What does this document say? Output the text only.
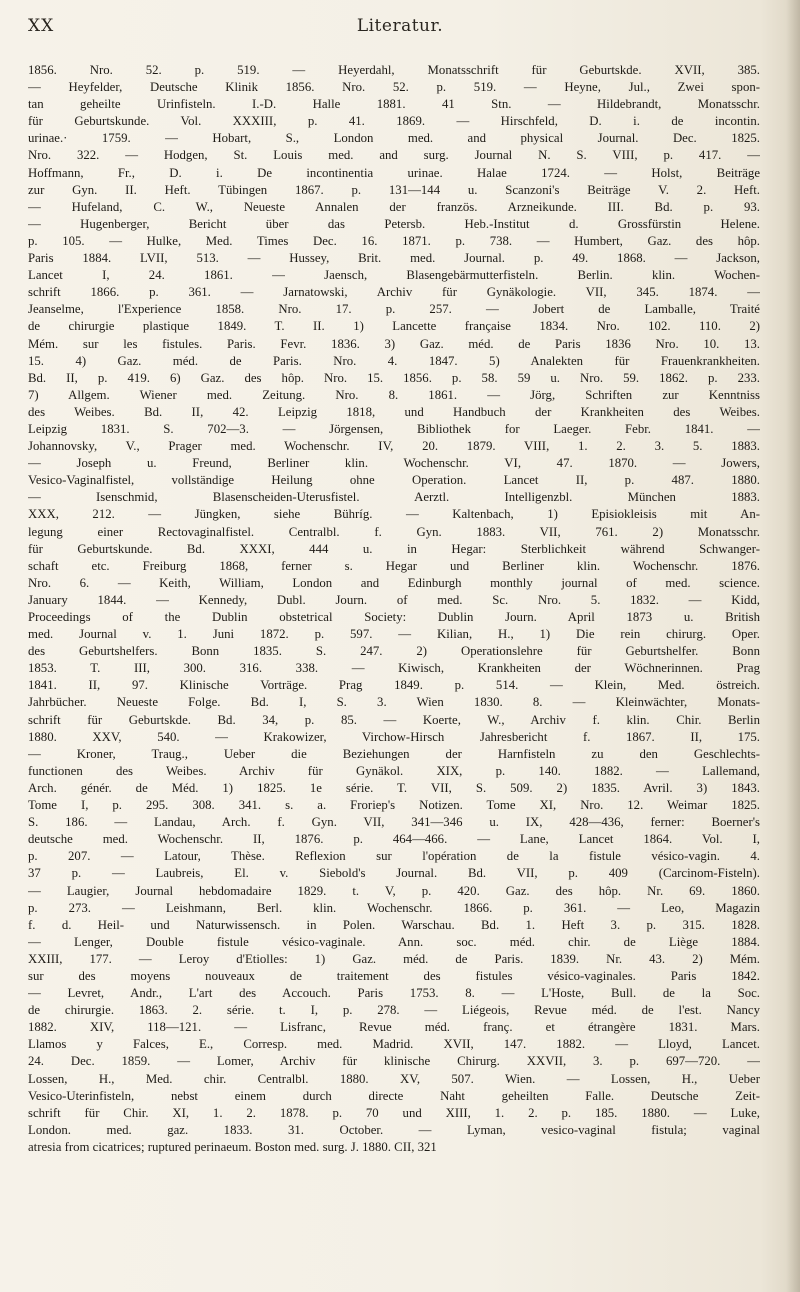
XX	Literatur.
1856. Nro. 52. p. 519. — Heyerdahl, Monatsschrift für Geburtskde. XVII, 385.
— Heyfelder, Deutsche Klinik 1856. Nro. 52. p. 519. — Heyne, Jul., Zwei spon-
tan geheilte Urinfisteln. I.-D. Halle 1881. 41 Stn. — Hildebrandt, Monatsschr.
für Geburtskunde. Vol. XXXIII, p. 41. 1869. — Hirschfeld, D. i. de incontin.
urinae.· 1759. — Hobart, S., London med. and physical Journal. Dec. 1825.
Nro. 322. — Hodgen, St. Louis med. and surg. Journal N. S. VIII, p. 417. —
Hoffmann, Fr., D. i. De incontinentia urinae. Halae 1724. — Holst, Beiträge
zur Gyn. II. Heft. Tübingen 1867. p. 131—144 u. Scanzoni's Beiträge V. 2. Heft.
— Hufeland, C. W., Neueste Annalen der französ. Arzneikunde. III. Bd. p. 93.
— Hugenberger, Bericht über das Petersb. Heb.-Institut d. Grossfürstin Helene.
p. 105. — Hulke, Med. Times Dec. 16. 1871. p. 738. — Humbert, Gaz. des hôp.
Paris 1884. LVII, 513. — Hussey, Brit. med. Journal. p. 49. 1868. — Jackson,
Lancet I, 24. 1861. — Jaensch, Blasengebärmutterfisteln. Berlin. klin. Wochen-
schrift 1866. p. 361. — Jarnatowski, Archiv für Gynäkologie. VII, 345. 1874. —
Jeanselme, l'Experience 1858. Nro. 17. p. 257. — Jobert de Lamballe, Traité
de chirurgie plastique 1849. T. II. 1) Lancette française 1834. Nro. 102. 110. 2)
Mém. sur les fistules. Paris. Fevr. 1836. 3) Gaz. méd. de Paris 1836 Nro. 10. 13.
15. 4) Gaz. méd. de Paris. Nro. 4. 1847. 5) Analekten für Frauenkrankheiten.
Bd. II, p. 419. 6) Gaz. des hôp. Nro. 15. 1856. p. 58. 59 u. Nro. 59. 1862. p. 233.
7) Allgem. Wiener med. Zeitung. Nro. 8. 1861. — Jörg, Schriften zur Kenntniss
des Weibes. Bd. II, 42. Leipzig 1818, und Handbuch der Krankheiten des Weibes.
Leipzig 1831. S. 702—3. — Jörgensen, Bibliothek for Laeger. Febr. 1841. —
Johannovsky, V., Prager med. Wochenschr. IV, 20. 1879. VIII, 1. 2. 3. 5. 1883.
— Joseph u. Freund, Berliner klin. Wochenschr. VI, 47. 1870. — Jowers,
Vesico-Vaginalfistel, vollständige Heilung ohne Operation. Lancet II, p. 487. 1880.
— Isenschmid, Blasenscheiden-Uterusfistel. Aerztl. Intelligenzbl. München 1883.
XXX, 212. — Jüngken, siehe Bühríg. — Kaltenbach, 1) Episiokleisis mit An-
legung einer Rectovaginalfistel. Centralbl. f. Gyn. 1883. VII, 761. 2) Monatsschr.
für Geburtskunde. Bd. XXXI, 444 u. in Hegar: Sterblichkeit während Schwanger-
schaft etc. Freiburg 1868, ferner s. Hegar und Berliner klin. Wochenschr. 1876.
Nro. 6. — Keith, William, London and Edinburgh monthly journal of med. science.
January 1844. — Kennedy, Dubl. Journ. of med. Sc. Nro. 5. 1832. — Kidd,
Proceedings of the Dublin obstetrical Society: Dublin Journ. April 1873 u. British
med. Journal v. 1. Juni 1872. p. 597. — Kilian, H., 1) Die rein chirurg. Oper.
des Geburtshelfers. Bonn 1835. S. 247. 2) Operationslehre für Geburtshelfer. Bonn
1853. T. III, 300. 316. 338. — Kiwisch, Krankheiten der Wöchnerinnen. Prag
1841. II, 97. Klinische Vorträge. Prag 1849. p. 514. — Klein, Med. östreich.
Jahrbücher. Neueste Folge. Bd. I, S. 3. Wien 1830. 8. — Kleinwächter, Monats-
schrift für Geburtskde. Bd. 34, p. 85. — Koerte, W., Archiv f. klin. Chir. Berlin
1880. XXV, 540. — Krakowizer, Virchow-Hirsch Jahresbericht f. 1867. II, 175.
— Kroner, Traug., Ueber die Beziehungen der Harnfisteln zu den Geschlechts-
functionen des Weibes. Archiv für Gynäkol. XIX, p. 140. 1882. — Lallemand,
Arch. génér. de Méd. 1) 1825. 1e série. T. VII, S. 509. 2) 1835. Avril. 3) 1843.
Tome I, p. 295. 308. 341. s. a. Froriep's Notizen. Tome XI, Nro. 12. Weimar 1825.
S. 186. — Landau, Arch. f. Gyn. VII, 341—346 u. IX, 428—436, ferner: Boerner's
deutsche med. Wochenschr. II, 1876. p. 464—466. — Lane, Lancet 1864. Vol. I,
p. 207. — Latour, Thèse. Reflexion sur l'opération de la fistule vésico-vagin. 4.
37 p. — Laubreis, El. v. Siebold's Journal. Bd. VII, p. 409 (Carcinom-Fisteln).
— Laugier, Journal hebdomadaire 1829. t. V, p. 420. Gaz. des hôp. Nr. 69. 1860.
p. 273. — Leishmann, Berl. klin. Wochenschr. 1866. p. 361. — Leo, Magazin
f. d. Heil- und Naturwissensch. in Polen. Warschau. Bd. 1. Heft 3. p. 315. 1828.
— Lenger, Double fistule vésico-vaginale. Ann. soc. méd. chir. de Liège 1884.
XXIII, 177. — Leroy d'Etiolles: 1) Gaz. méd. de Paris. 1839. Nr. 43. 2) Mém.
sur des moyens nouveaux de traitement des fistules vésico-vaginales. Paris 1842.
— Levret, Andr., L'art des Accouch. Paris 1753. 8. — L'Hoste, Bull. de la Soc.
de chirurgie. 1863. 2. série. t. I, p. 278. — Liégeois, Revue méd. de l'est. Nancy
1882. XIV, 118—121. — Lisfranc, Revue méd. franç. et étrangère 1831. Mars.
Llamos y Falces, E., Corresp. med. Madrid. XVII, 147. 1882. — Lloyd, Lancet.
24. Dec. 1859. — Lomer, Archiv für klinische Chirurg. XXVII, 3. p. 697—720. —
Lossen, H., Med. chir. Centralbl. 1880. XV, 507. Wien. — Lossen, H., Ueber
Vesico-Uterinfisteln, nebst einem durch directe Naht geheilten Falle. Deutsche Zeit-
schrift für Chir. XI, 1. 2. 1878. p. 70 und XIII, 1. 2. p. 185. 1880. — Luke,
London. med. gaz. 1833. 31. October. — Lyman, vesico-vaginal fistula; vaginal
atresia from cicatrices; ruptured perinaeum. Boston med. surg. J. 1880. CII, 321
